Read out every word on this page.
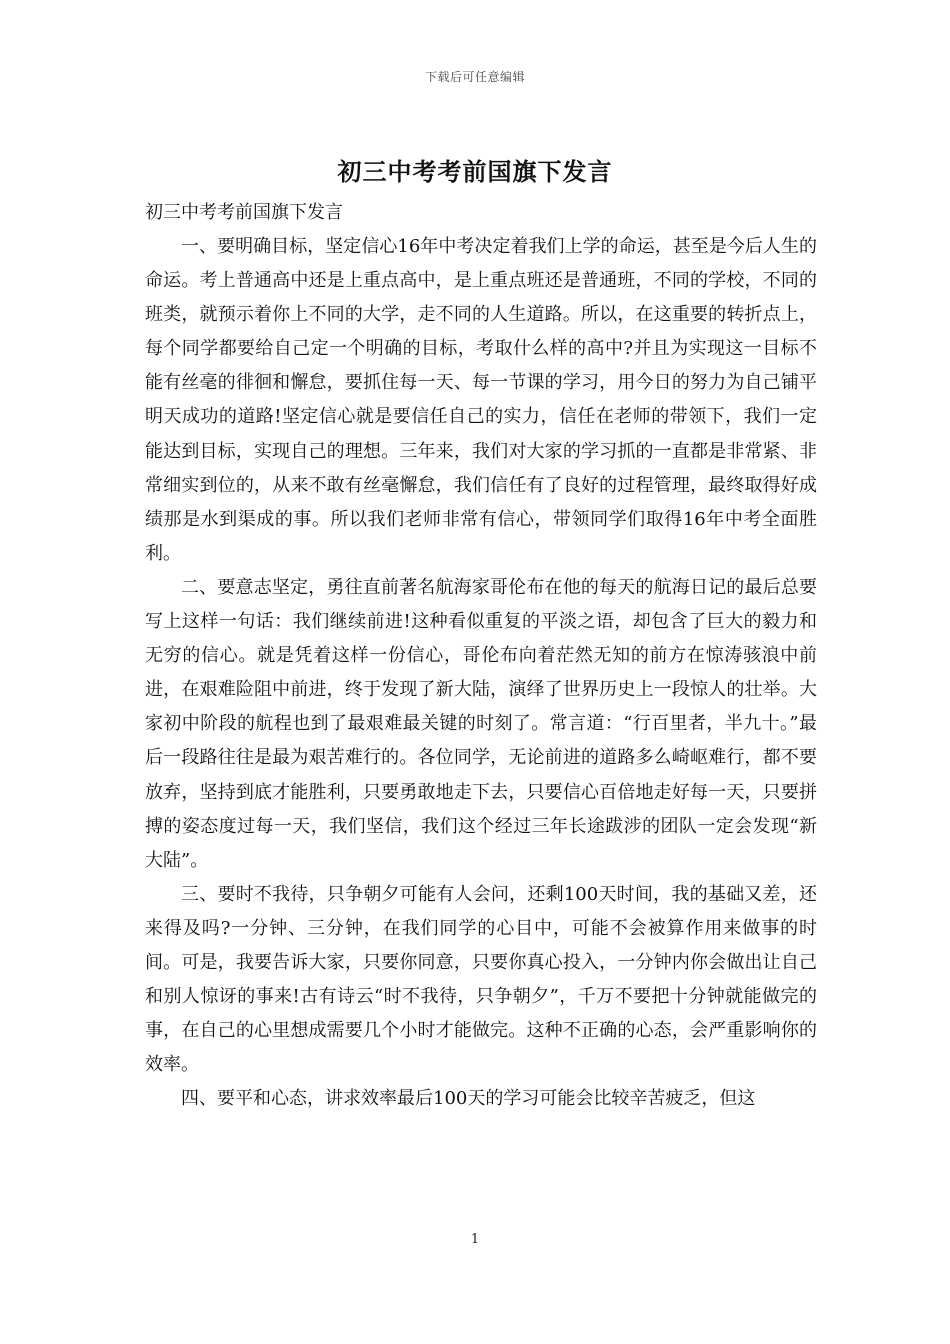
下载后可任意编辑
初三中考考前国旗下发言

初三中考考前国旗下发言

一、要明确目标，坚定信心16年中考决定着我们上学的命运，甚至是今后人生的命运。考上普通高中还是上重点高中，是上重点班还是普通班，不同的学校，不同的班类，就预示着你上不同的大学，走不同的人生道路。所以，在这重要的转折点上，每个同学都要给自己定一个明确的目标，考取什么样的高中?并且为实现这一目标不能有丝毫的徘徊和懈怠，要抓住每一天、每一节课的学习，用今日的努力为自己铺平明天成功的道路!坚定信心就是要信任自己的实力，信任在老师的带领下，我们一定能达到目标，实现自己的理想。三年来，我们对大家的学习抓的一直都是非常紧、非常细实到位的，从来不敢有丝毫懈怠，我们信任有了良好的过程管理，最终取得好成绩那是水到渠成的事。所以我们老师非常有信心，带领同学们取得16年中考全面胜利。

二、要意志坚定，勇往直前著名航海家哥伦布在他的每天的航海日记的最后总要写上这样一句话：我们继续前进!这种看似重复的平淡之语，却包含了巨大的毅力和无穷的信心。就是凭着这样一份信心，哥伦布向着茫然无知的前方在惊涛骇浪中前进，在艰难险阻中前进，终于发现了新大陆，演绎了世界历史上一段惊人的壮举。大家初中阶段的航程也到了最艰难最关键的时刻了。常言道：“行百里者，半九十。”最后一段路往往是最为艰苦难行的。各位同学，无论前进的道路多么崎岖难行，都不要放弃，坚持到底才能胜利，只要勇敢地走下去，只要信心百倍地走好每一天，只要拼搏的姿态度过每一天，我们坚信，我们这个经过三年长途跋涉的团队一定会发现“新大陆”。

三、要时不我待，只争朝夕可能有人会问，还剩100天时间，我的基础又差，还来得及吗?一分钟、三分钟，在我们同学的心目中，可能不会被算作用来做事的时间。可是，我要告诉大家，只要你同意，只要你真心投入，一分钟内你会做出让自己和别人惊讶的事来!古有诗云“时不我待，只争朝夕”，千万不要把十分钟就能做完的事，在自己的心里想成需要几个小时才能做完。这种不正确的心态，会严重影响你的效率。

四、要平和心态，讲求效率最后100天的学习可能会比较辛苦疲乏，但这

1
